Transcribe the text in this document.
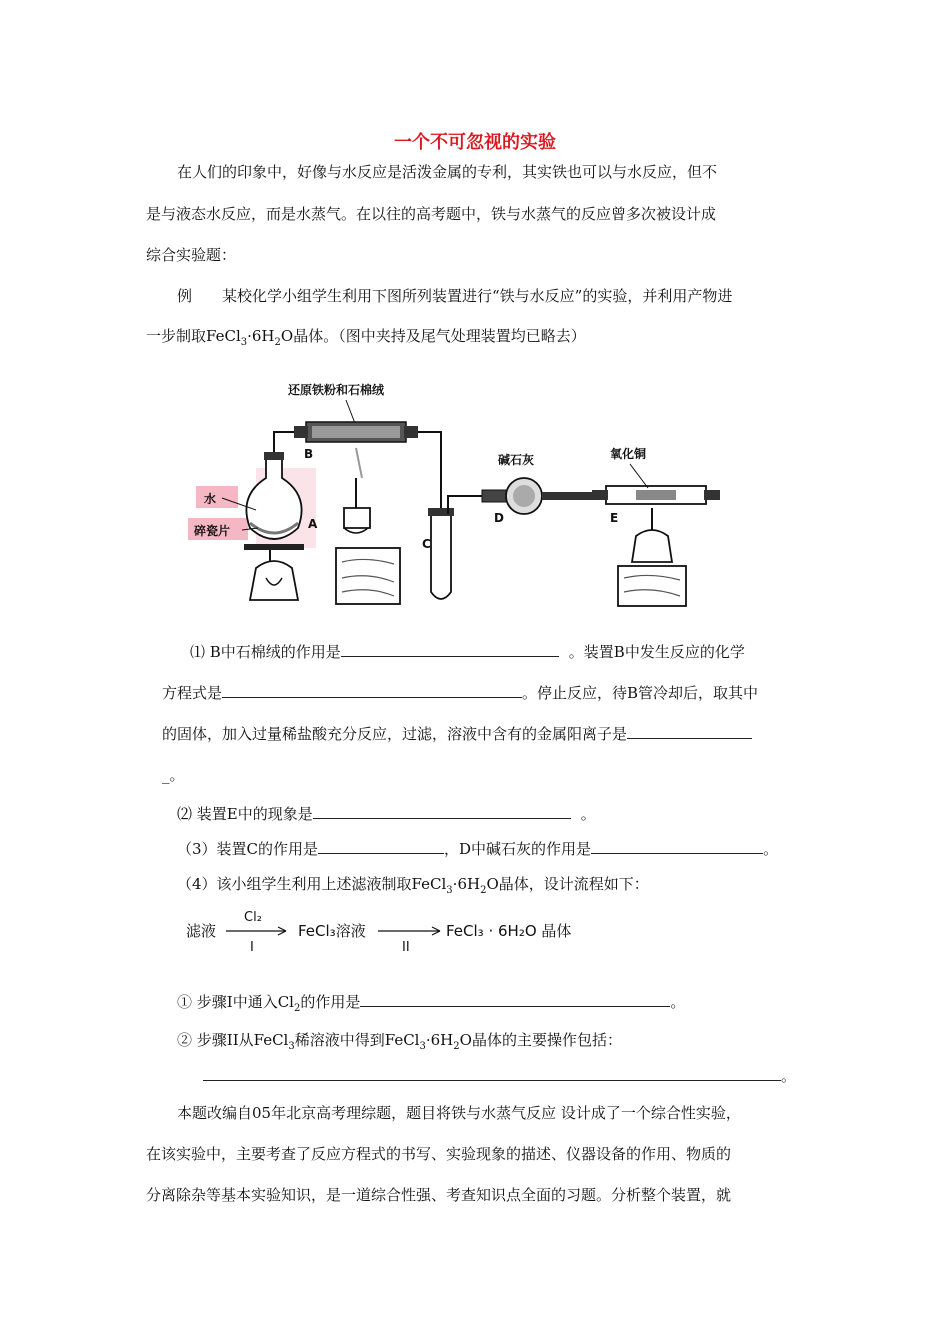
一个不可忽视的实验
在人们的印象中，好像与水反应是活泼金属的专利，其实铁也可以与水反应，但不
是与液态水反应，而是水蒸气。在以往的高考题中，铁与水蒸气的反应曾多次被设计成
综合实验题：
例 某校化学小组学生利用下图所列装置进行“铁与水反应”的实验，并利用产物进
一步制取$FeCl_3\cdot 6H_2O$晶体。（图中夹持及尾气处理装置均已略去）
还原铁粉和石棉绒
B
A
水
碎瓷片
C
碱石灰
D
氧化铜
E
⑴ B中石棉绒的作用是	。装置B中发生反应的化学
方程式是	。停止反应，待B管冷却后，取其中
的固体，加入过量稀盐酸充分反应，过滤，溶液中含有的金属阳离子是
_。
⑵ 装置E中的现象是	。
（3）装置C的作用是	，D中碱石灰的作用是	。
（4）该小组学生利用上述滤液制取$FeCl_3\cdot 6H_2O$晶体，设计流程如下：
滤液
Cl₂
I
FeCl₃溶液
II
FeCl₃ · 6H₂O 晶体
① 步骤I中通入$Cl_2$的作用是	。
② 步骤II从FeCl$_3$稀溶液中得到$FeCl_3\cdot 6H_2O$晶体的主要操作包括：
。
本题改编自05年北京高考理综题，题目将铁与水蒸气反应 设计成了一个综合性实验，
在该实验中，主要考查了反应方程式的书写、实验现象的描述、仪器设备的作用、物质的
分离除杂等基本实验知识，是一道综合性强、考查知识点全面的习题。分析整个装置，就
